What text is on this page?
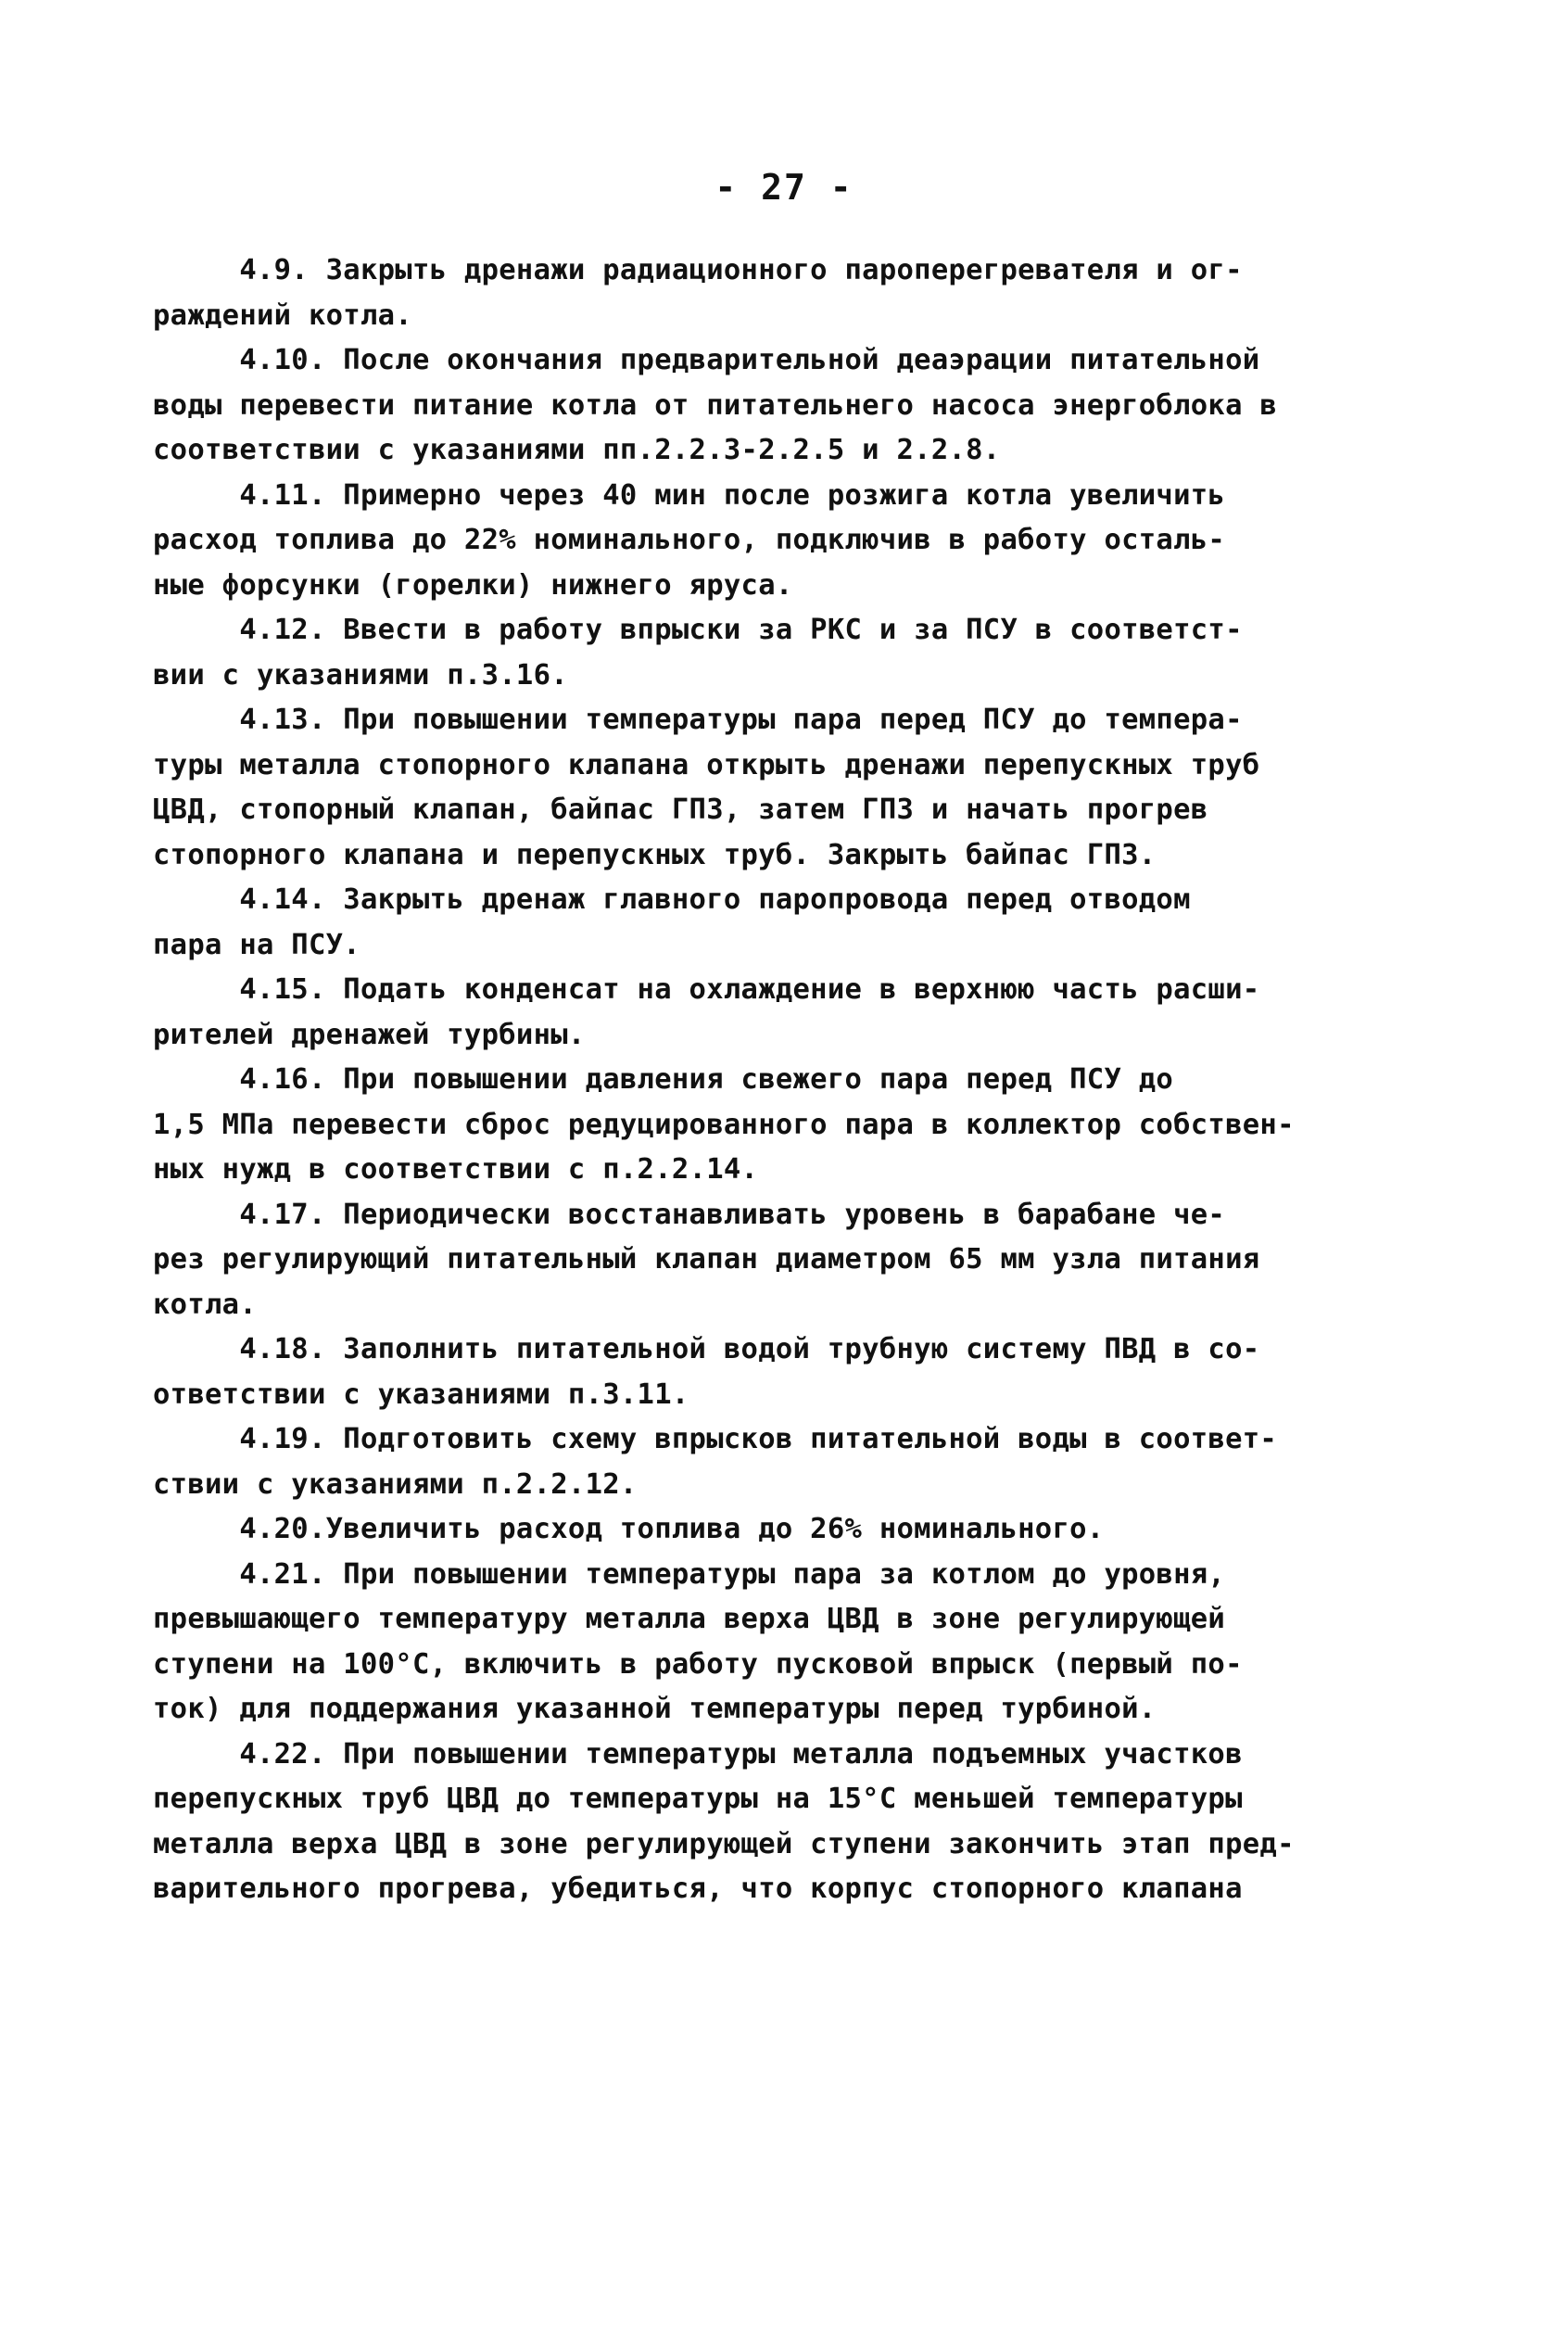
- 27 -
4.9. Закрыть дренажи радиационного пароперегревателя и ог-
раждений котла.
4.10. После окончания предварительной деаэрации питательной
воды перевести питание котла от питательнего насоса энергоблока в
соответствии с указаниями пп.2.2.3-2.2.5 и 2.2.8.
4.11. Примерно через 40 мин после розжига котла увеличить
расход топлива до 22% номинального, подключив в работу осталь-
ные форсунки (горелки) нижнего яруса.
4.12. Ввести в работу впрыски за РКС и за ПСУ в соответст-
вии с указаниями п.3.16.
4.13. При повышении температуры пара перед ПСУ до темпера-
туры металла стопорного клапана открыть дренажи перепускных труб
ЦВД, стопорный клапан, байпас ГПЗ, затем ГПЗ и начать прогрев
стопорного клапана и перепускных труб. Закрыть байпас ГПЗ.
4.14. Закрыть дренаж главного паропровода перед отводом
пара на ПСУ.
4.15. Подать конденсат на охлаждение в верхнюю часть расши-
рителей дренажей турбины.
4.16. При повышении давления свежего пара перед ПСУ до
1,5 МПа перевести сброс редуцированного пара в коллектор собствен-
ных нужд в соответствии с п.2.2.14.
4.17. Периодически восстанавливать уровень в барабане че-
рез регулирующий питательный клапан диаметром 65 мм узла питания
котла.
4.18. Заполнить питательной водой трубную систему ПВД в со-
ответствии с указаниями п.3.11.
4.19. Подготовить схему впрысков питательной воды в соответ-
ствии с указаниями п.2.2.12.
4.20.Увеличить расход топлива до 26% номинального.
4.21. При повышении температуры пара за котлом до уровня,
превышающего температуру металла верха ЦВД в зоне регулирующей
ступени на 100°С, включить в работу пусковой впрыск (первый по-
ток) для поддержания указанной температуры перед турбиной.
4.22. При повышении температуры металла подъемных участков
перепускных труб ЦВД до температуры на 15°С меньшей температуры
металла верха ЦВД в зоне регулирующей ступени закончить этап пред-
варительного прогрева, убедиться, что корпус стопорного клапана
